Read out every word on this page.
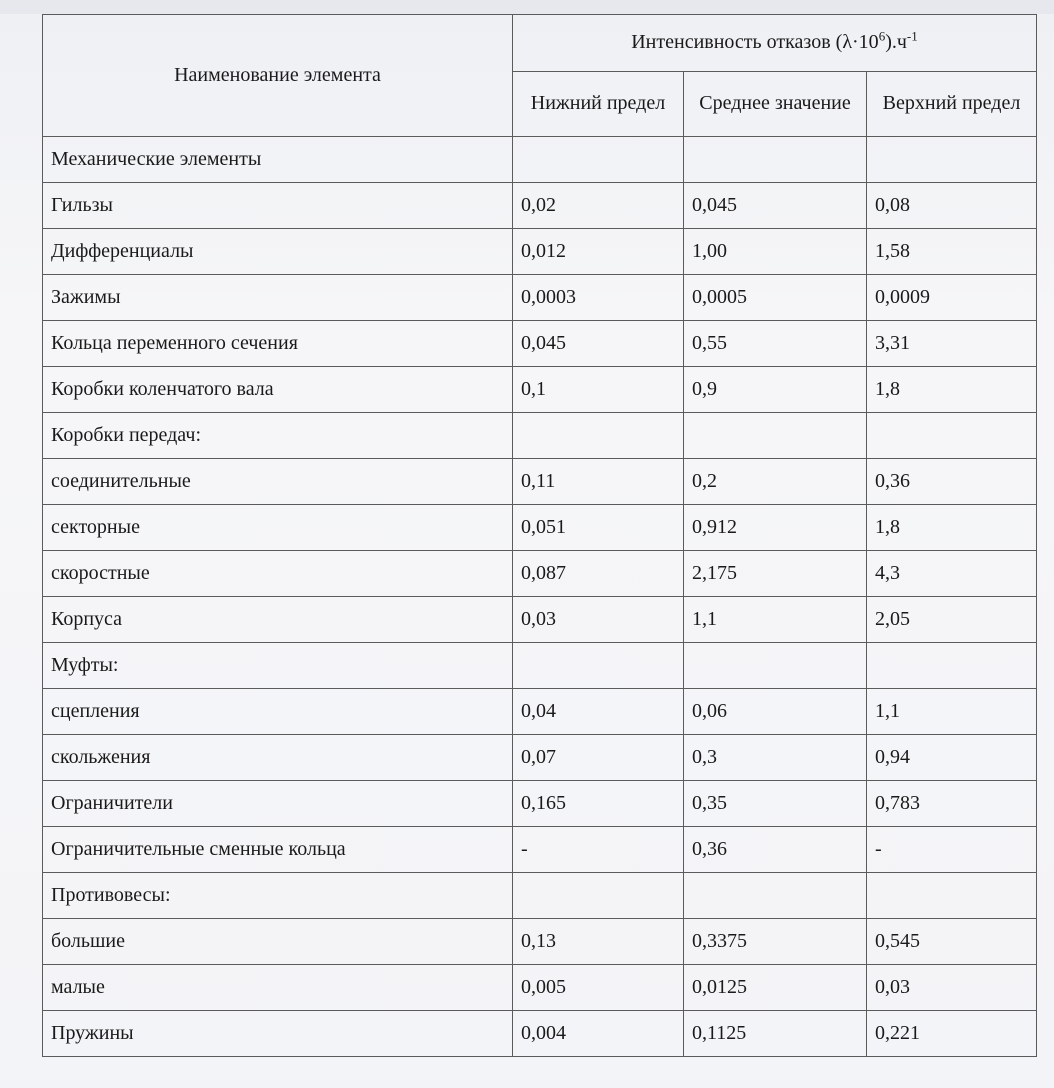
Наименование элемента	Интенсивность отказов $(\lambda\cdot 10^6).ч^{-1}$
	Нижний предел	Среднее значение	Верхний предел
Механические элементы			
Гильзы	0,02	0,045	0,08
Дифференциалы	0,012	1,00	1,58
Зажимы	0,0003	0,0005	0,0009
Кольца переменного сечения	0,045	0,55	3,31
Коробки коленчатого вала	0,1	0,9	1,8
Коробки передач:			
соединительные	0,11	0,2	0,36
секторные	0,051	0,912	1,8
скоростные	0,087	2,175	4,3
Корпуса	0,03	1,1	2,05
Муфты:			
сцепления	0,04	0,06	1,1
скольжения	0,07	0,3	0,94
Ограничители	0,165	0,35	0,783
Ограничительные сменные кольца	-	0,36	-
Противовесы:			
большие	0,13	0,3375	0,545
малые	0,005	0,0125	0,03
Пружины	0,004	0,1125	0,221
